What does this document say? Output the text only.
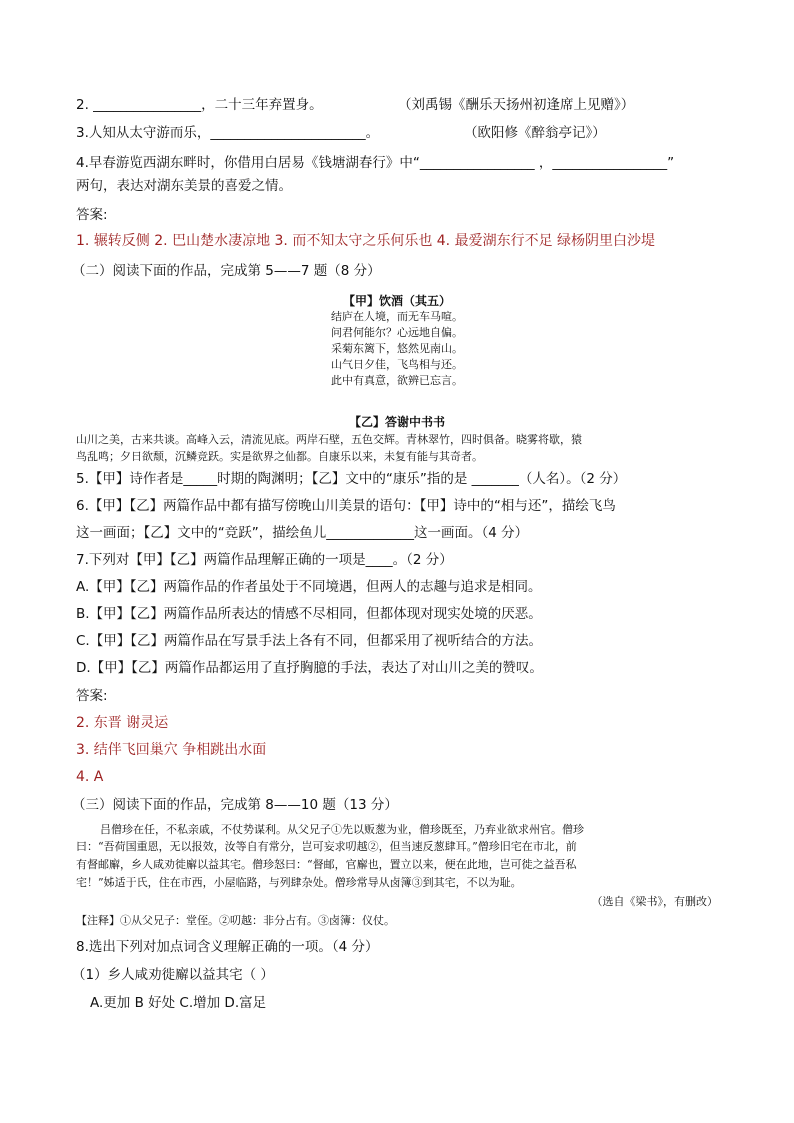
2. ________________，二十三年弃置身。	（刘禹锡《酬乐天扬州初逢席上见赠》）
3.人知从太守游而乐，_______________________。	（欧阳修《醉翁亭记》）
4.早春游览西湖东畔时，你借用白居易《钱塘湖春行》中“_________________ ，_________________”
两句，表达对湖东美景的喜爱之情。
答案:
1. 辗转反侧 2. 巴山楚水凄凉地 3. 而不知太守之乐何乐也 4. 最爱湖东行不足 绿杨阴里白沙堤
（二）阅读下面的作品，完成第 5——7 题（8 分）
【甲】饮酒（其五）
结庐在人境，而无车马喧。
问君何能尔？心远地自偏。
采菊东篱下，悠然见南山。
山气日夕佳，飞鸟相与还。
此中有真意，欲辨已忘言。
【乙】答谢中书书
山川之美，古来共谈。高峰入云，清流见底。两岸石壁，五色交辉。青林翠竹，四时俱备。晓雾将歇，猿
鸟乱鸣；夕日欲颓，沉鳞竞跃。实是欲界之仙都。自康乐以来，未复有能与其奇者。
5.【甲】诗作者是_____时期的陶渊明；【乙】文中的“康乐”指的是 _______（人名）。（2 分）
6.【甲】【乙】两篇作品中都有描写傍晚山川美景的语句：【甲】诗中的“相与还”，描绘飞鸟
这一画面；【乙】文中的“竞跃”，描绘鱼儿_____________这一画面。（4 分）
7.下列对【甲】【乙】两篇作品理解正确的一项是____。（2 分）
A.【甲】【乙】两篇作品的作者虽处于不同境遇，但两人的志趣与追求是相同。
B.【甲】【乙】两篇作品所表达的情感不尽相同，但都体现对现实处境的厌恶。
C.【甲】【乙】两篇作品在写景手法上各有不同，但都采用了视听结合的方法。
D.【甲】【乙】两篇作品都运用了直抒胸臆的手法，表达了对山川之美的赞叹。
答案:
2. 东晋 谢灵运
3. 结伴飞回巢穴 争相跳出水面
4. A
（三）阅读下面的作品，完成第 8——10 题（13 分）
吕僧珍在任，不私亲戚，不仗势谋利。从父兄子①先以贩葱为业，僧珍既至，乃弃业欲求州官。僧珍
曰：“吾荷国重恩，无以报效，汝等自有常分，岂可妄求叨越②，但当速反葱肆耳。”僧珍旧宅在市北，前
有督邮廨，乡人咸劝徙廨以益其宅。僧珍怒曰：“督邮，官廨也，置立以来，便在此地，岂可徙之益吾私
宅！”姊适于氏，住在市西，小屋临路，与列肆杂处。僧珍常导从卤簿③到其宅，不以为耻。
（选自《梁书》，有删改）
【注释】①从父兄子：堂侄。②叨越：非分占有。③卤簿：仪仗。
8.选出下列对加点词含义理解正确的一项。（4 分）
（1）乡人咸劝徙廨以益其宅（ ）
A.更加 B 好处 C.增加 D.富足
